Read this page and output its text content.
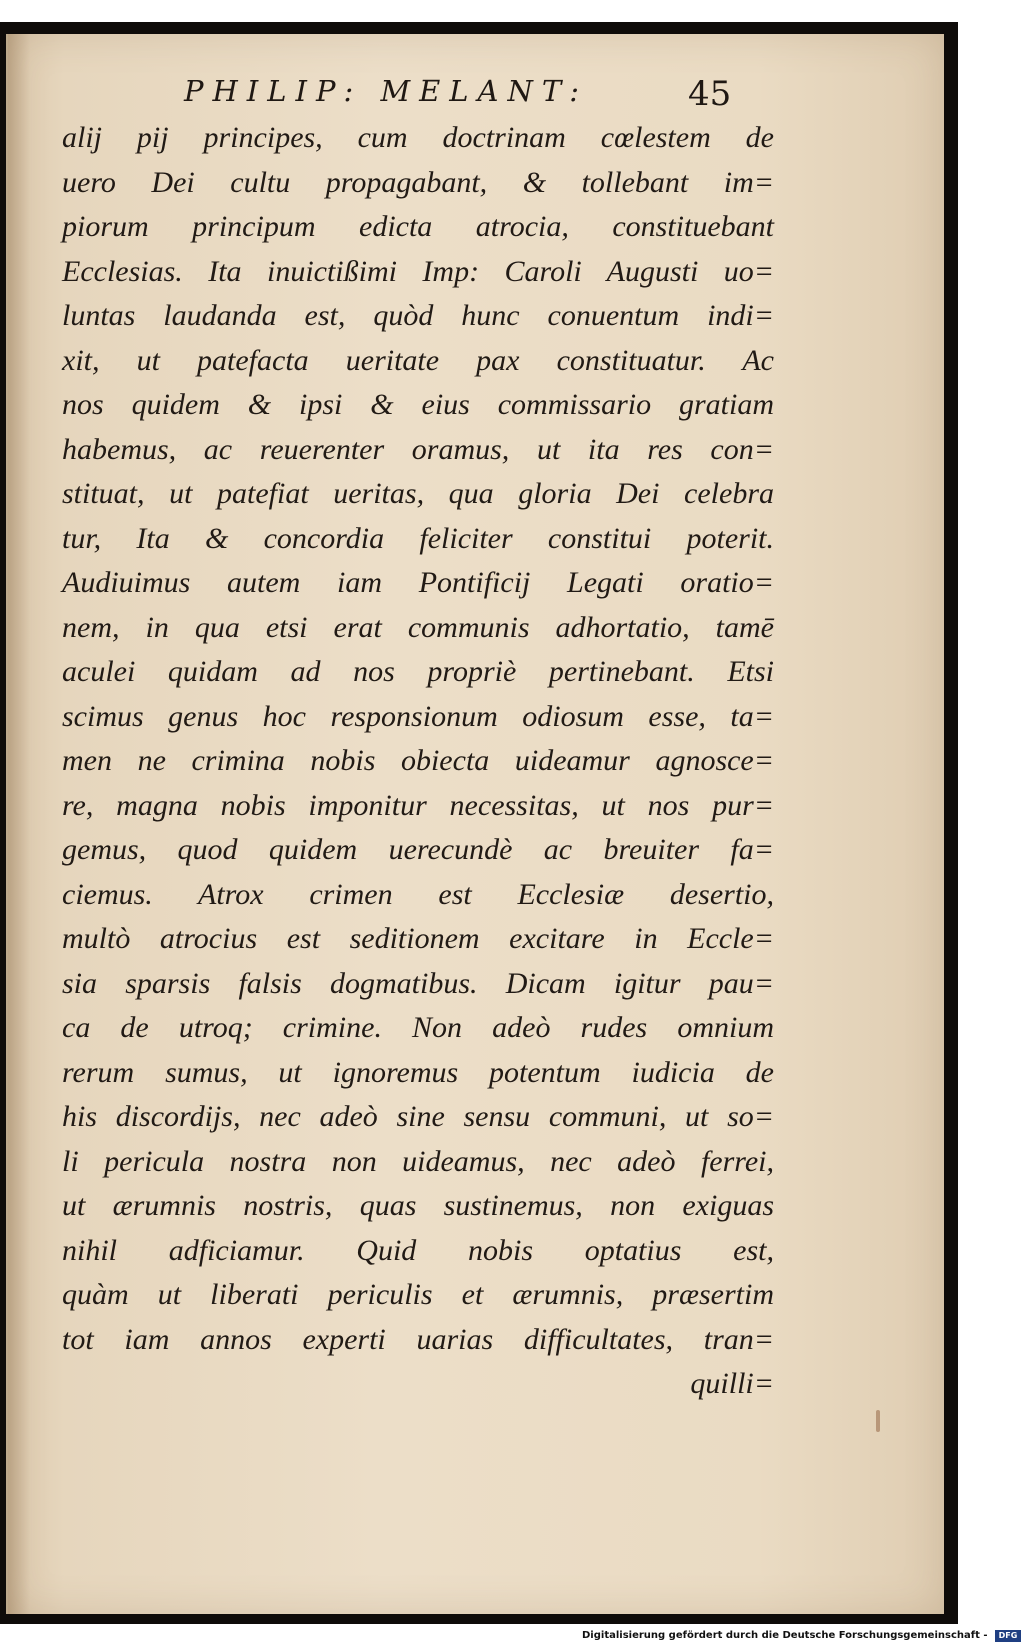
PHILIP: MELANT:	45
alij pij principes, cum doctrinam cœlestem de
uero Dei cultu propagabant, & tollebant im=
piorum principum edicta atrocia, constituebant
Ecclesias. Ita inuictißimi Imp: Caroli Augusti uo=
luntas laudanda est, quòd hunc conuentum indi=
xit, ut patefacta ueritate pax constituatur. Ac
nos quidem & ipsi & eius commissario gratiam
habemus, ac reuerenter oramus, ut ita res con=
stituat, ut patefiat ueritas, qua gloria Dei celebra
tur, Ita & concordia feliciter constitui poterit.
Audiuimus autem iam Pontificij Legati oratio=
nem, in qua etsi erat communis adhortatio, tamē
aculei quidam ad nos propriè pertinebant. Etsi
scimus genus hoc responsionum odiosum esse, ta=
men ne crimina nobis obiecta uideamur agnosce=
re, magna nobis imponitur necessitas, ut nos pur=
gemus, quod quidem uerecundè ac breuiter fa=
ciemus. Atrox crimen est Ecclesiæ desertio,
multò atrocius est seditionem excitare in Eccle=
sia sparsis falsis dogmatibus. Dicam igitur pau=
ca de utroq; crimine. Non adeò rudes omnium
rerum sumus, ut ignoremus potentum iudicia de
his discordijs, nec adeò sine sensu communi, ut so=
li pericula nostra non uideamus, nec adeò ferrei,
ut ærumnis nostris, quas sustinemus, non exiguas
nihil adficiamur. Quid nobis optatius est,
quàm ut liberati periculis et ærumnis, præsertim
tot iam annos experti uarias difficultates, tran=
quilli=
Digitalisierung gefördert durch die Deutsche Forschungsgemeinschaft - DFG
